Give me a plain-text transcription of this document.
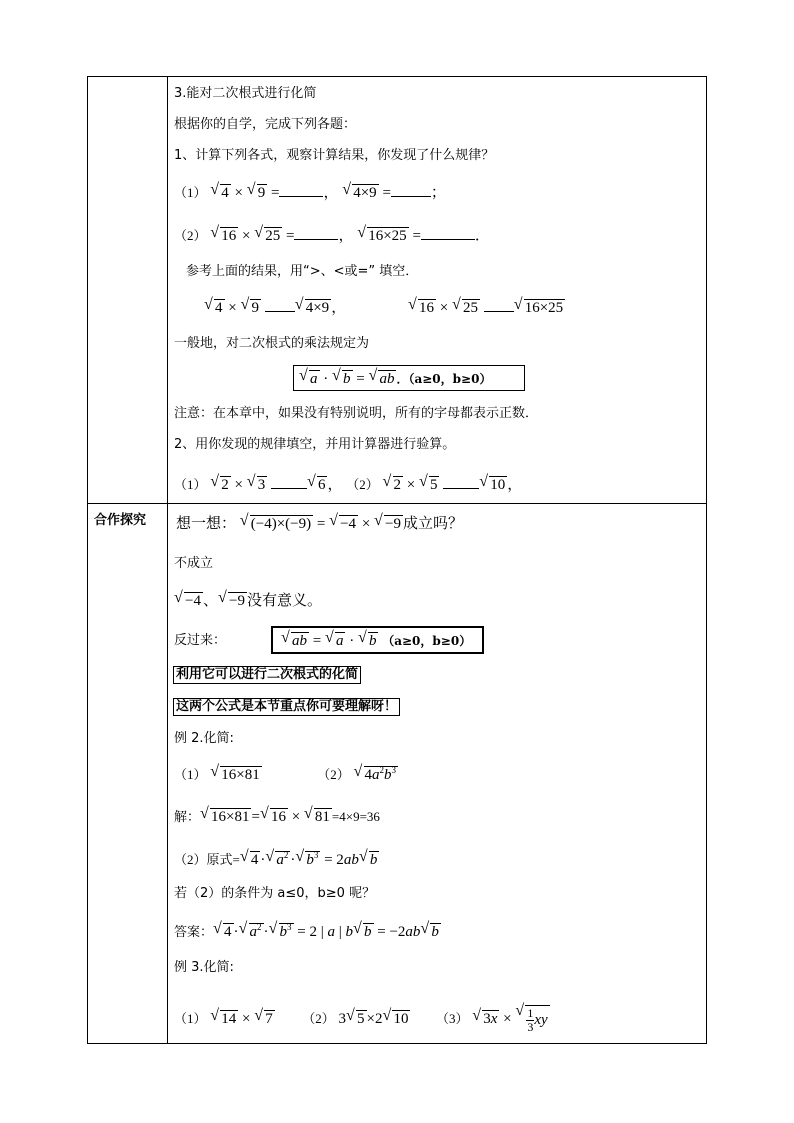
合作探究
3.能对二次根式进行化简
根据你的自学，完成下列各题：
1、计算下列各式，观察计算结果，你发现了什么规律？
（1） √ 4 × √ 9 =	， √ 4×9 =	；
（2） √ 16 × √ 25 =	， √ 16×25 =	．
参考上面的结果，用“>、<或=” 填空．
√ 4 × √ 9 √	4×9 ，
√	16 × √ 25 √	16×25
一般地，对二次根式的乘法规定为
√ a · √ b = √ ab ．（a≥0，b≥0）
注意：在本章中，如果没有特别说明，所有的字母都表示正数．
2、用你发现的规律填空，并用计算器进行验算。
（1） √ 2 × √ 3 √	6 ， （2） √ 2 × √ 5 √	10 ，
想一想： √ (−4)×(−9) = √ −4 × √ −9 成立吗？
不成立
√ −4 、√ −9 没有意义。
反过来：
√	ab = √ a · √ b （a≥0，b≥0）
利用它可以进行二次根式的化简
这两个公式是本节重点你可要理解呀！
例 2.化简:
（1） √ 16×81	（2） √ $4a^2b^3$
解：√ 16×81 =√ 16 × √ 81 =4×9=36
（2）原式=√ 4 ·√ $a^2$ ·√ $b^3 = 2ab√$ b
若（2）的条件为 a≤0，b≥0 呢？
答案：√ 4 ·√ $a^2$ ·√ $b^3 = 2$ | a | b√ b = −2ab√ b
例 3.化简:
（1） √ 14 × √ 7 （2） 3√ 5 ×2√ 10 （3） √ 3x ×
√ $\frac{1}{3}$ xy
